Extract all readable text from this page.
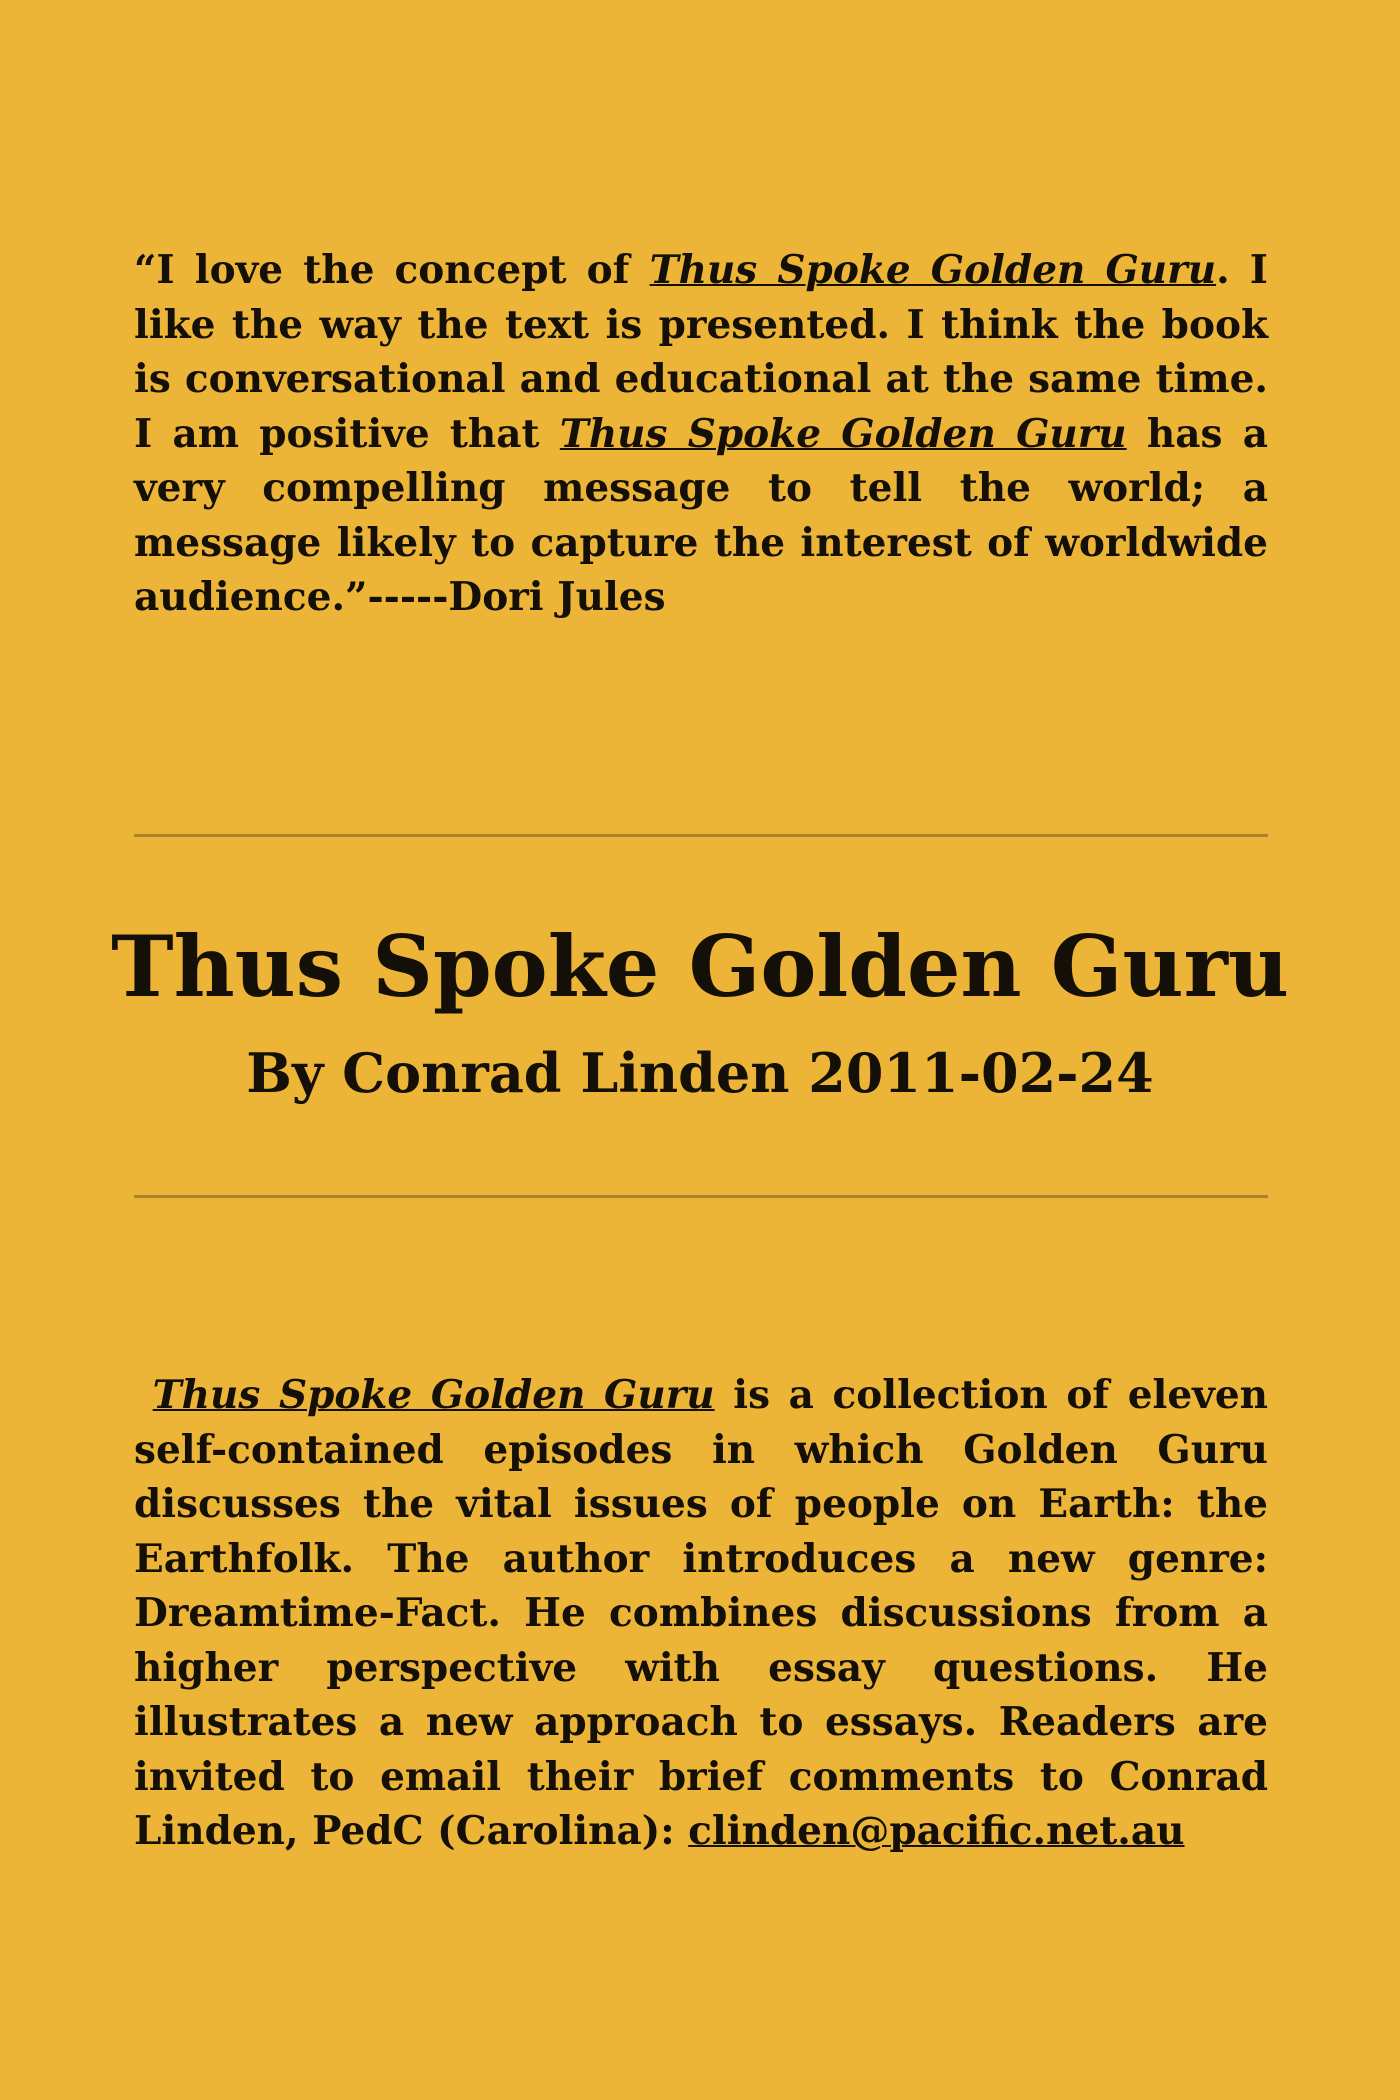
“I love the concept of Thus Spoke Golden Guru. I like the way the text is presented. I think the book is conversational and educational at the same time. I am positive that Thus Spoke Golden Guru has a very compelling message to tell the world; a message likely to capture the interest of worldwide audience.”-----Dori Jules

Thus Spoke Golden Guru
By Conrad Linden 2011-02-24

Thus Spoke Golden Guru is a collection of eleven self-contained episodes in which Golden Guru discusses the vital issues of people on Earth: the Earthfolk. The author introduces a new genre: Dreamtime-Fact. He combines discussions from a higher perspective with essay questions. He illustrates a new approach to essays. Readers are invited to email their brief comments to Conrad Linden, PedC (Carolina): clinden@pacific.net.au
